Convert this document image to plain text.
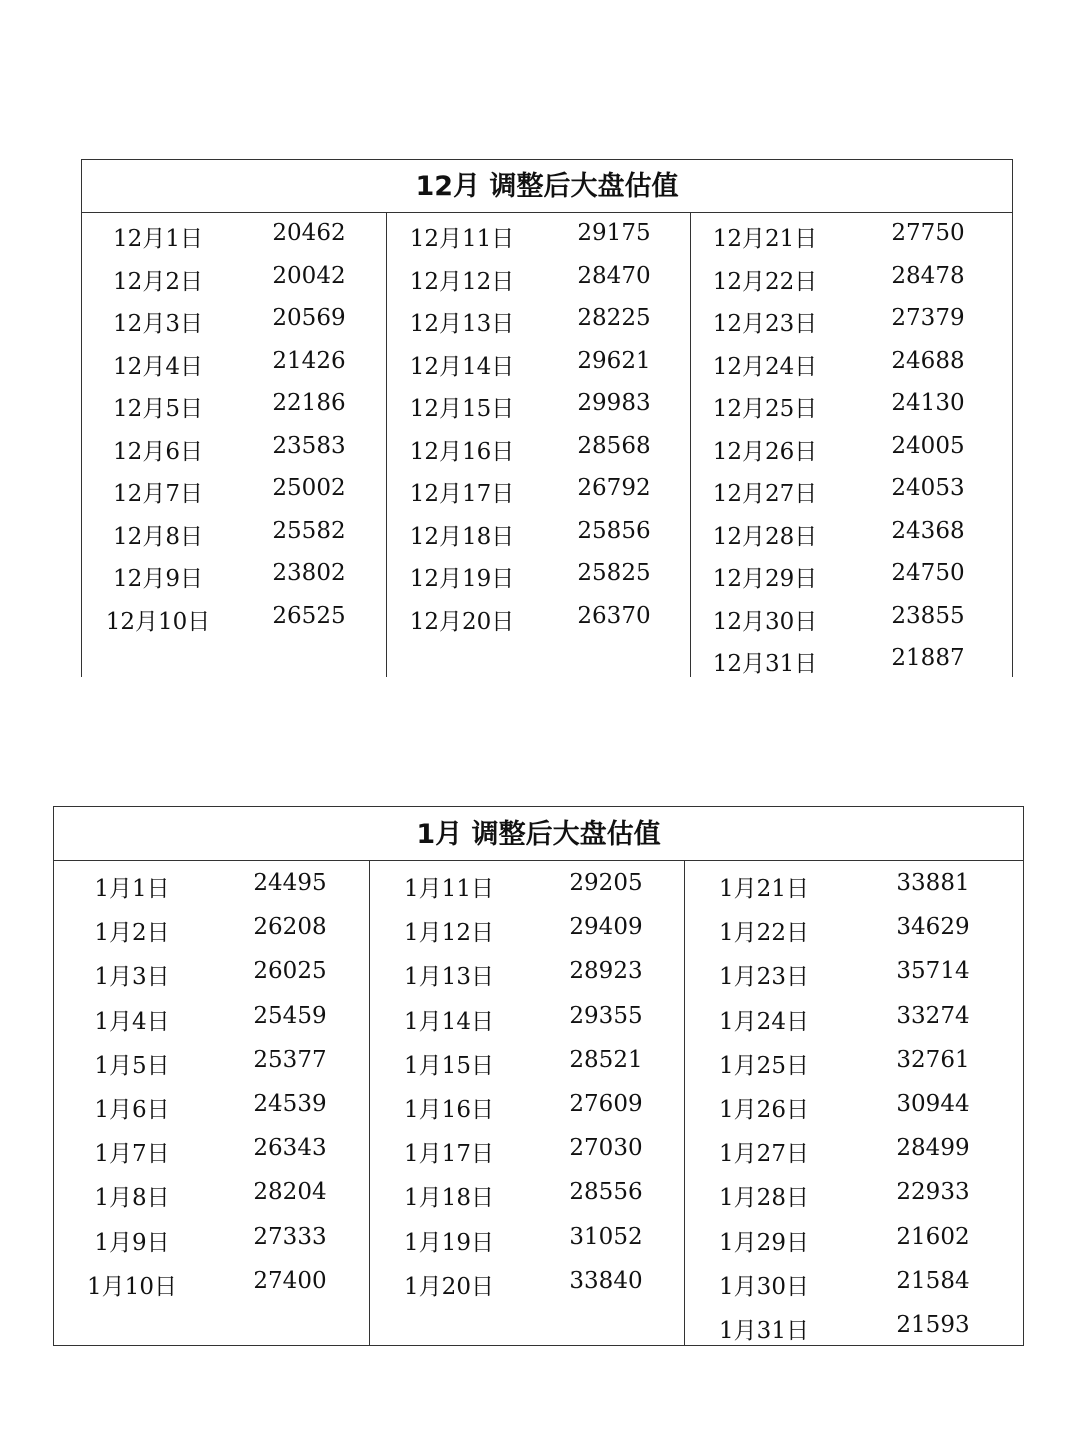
12月 调整后大盘估值
12月1日	20462
12月2日	20042
12月3日	20569
12月4日	21426
12月5日	22186
12月6日	23583
12月7日	25002
12月8日	25582
12月9日	23802
12月10日	26525
12月11日	29175
12月12日	28470
12月13日	28225
12月14日	29621
12月15日	29983
12月16日	28568
12月17日	26792
12月18日	25856
12月19日	25825
12月20日	26370
12月21日	27750
12月22日	28478
12月23日	27379
12月24日	24688
12月25日	24130
12月26日	24005
12月27日	24053
12月28日	24368
12月29日	24750
12月30日	23855
12月31日	21887
1月 调整后大盘估值
1月1日	24495
1月2日	26208
1月3日	26025
1月4日	25459
1月5日	25377
1月6日	24539
1月7日	26343
1月8日	28204
1月9日	27333
1月10日	27400
1月11日	29205
1月12日	29409
1月13日	28923
1月14日	29355
1月15日	28521
1月16日	27609
1月17日	27030
1月18日	28556
1月19日	31052
1月20日	33840
1月21日	33881
1月22日	34629
1月23日	35714
1月24日	33274
1月25日	32761
1月26日	30944
1月27日	28499
1月28日	22933
1月29日	21602
1月30日	21584
1月31日	21593
